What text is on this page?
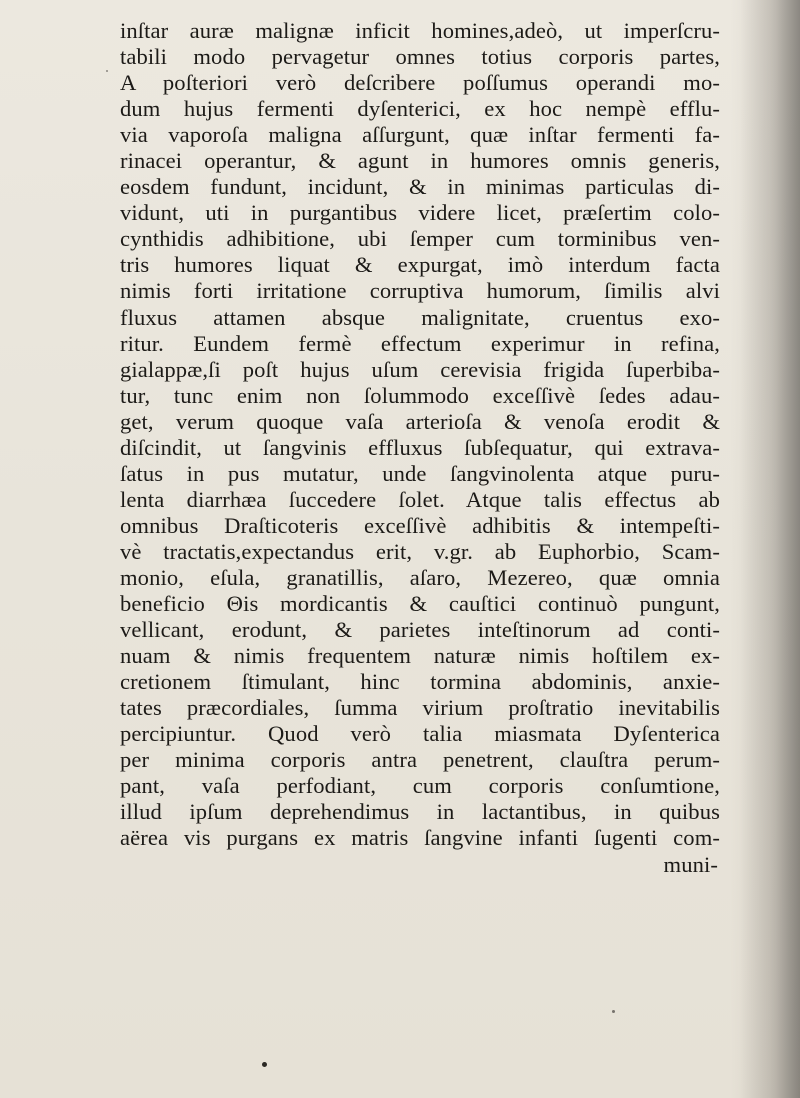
inſtar auræ malignæ inficit homines,adeò, ut imperſcru-
tabili modo pervagetur omnes totius corporis partes,
A poſteriori verò deſcribere poſſumus operandi mo-
dum hujus fermenti dyſenterici, ex hoc nempè efflu-
via vaporoſa maligna aſſurgunt, quæ inſtar fermenti fa-
rinacei operantur, & agunt in humores omnis generis,
eosdem fundunt, incidunt, & in minimas particulas di-
vidunt, uti in purgantibus videre licet, præſertim colo-
cynthidis adhibitione, ubi ſemper cum torminibus ven-
tris humores liquat & expurgat, imò interdum facta
nimis forti irritatione corruptiva humorum, ſimilis alvi
fluxus attamen absque malignitate, cruentus exo-
ritur. Eundem fermè effectum experimur in refina,
gialappæ,ſi poſt hujus uſum cerevisia frigida ſuperbiba-
tur, tunc enim non ſolummodo exceſſivè ſedes adau-
get, verum quoque vaſa arterioſa & venoſa erodit &
diſcindit, ut ſangvinis effluxus ſubſequatur, qui extrava-
ſatus in pus mutatur, unde ſangvinolenta atque puru-
lenta diarrhæa ſuccedere ſolet. Atque talis effectus ab
omnibus Draſticoteris exceſſivè adhibitis & intempeſti-
vè tractatis,expectandus erit, v.gr. ab Euphorbio, Scam-
monio, eſula, granatillis, aſaro, Mezereo, quæ omnia
beneficio Θis mordicantis & cauſtici continuò pungunt,
vellicant, erodunt, & parietes inteſtinorum ad conti-
nuam & nimis frequentem naturæ nimis hoſtilem ex-
cretionem ſtimulant, hinc tormina abdominis, anxie-
tates præcordiales, ſumma virium proſtratio inevitabilis
percipiuntur. Quod verò talia miasmata Dyſenterica
per minima corporis antra penetrent, clauſtra perum-
pant, vaſa perfodiant, cum corporis conſumtione,
illud ipſum deprehendimus in lactantibus, in quibus
aërea vis purgans ex matris ſangvine infanti ſugenti com-
muni-
